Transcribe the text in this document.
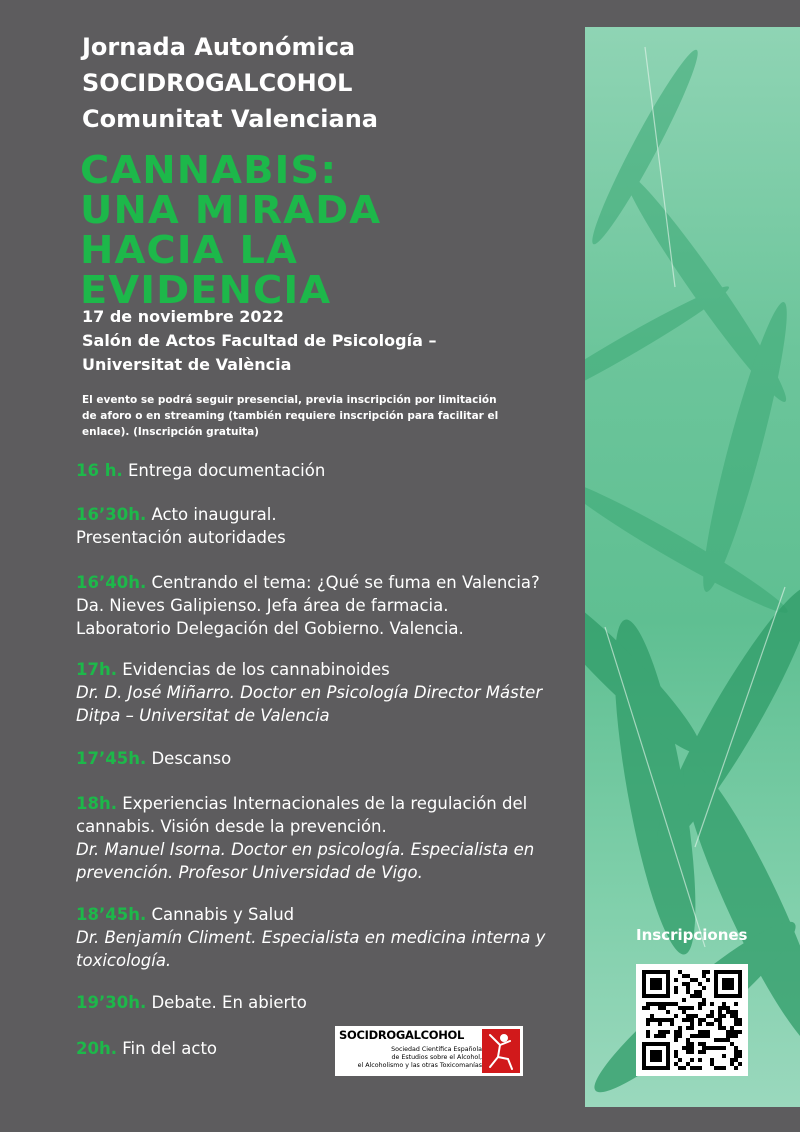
Jornada Autonómica
SOCIDROGALCOHOL
Comunitat Valenciana
CANNABIS:
UNA MIRADA
HACIA LA
EVIDENCIA
17 de noviembre 2022
Salón de Actos Facultad de Psicología –
Universitat de València
El evento se podrá seguir presencial, previa inscripción por limitación
de aforo o en streaming (también requiere inscripción para facilitar el
enlace). (Inscripción gratuita)
16 h. Entrega documentación
16’30h. Acto inaugural.
Presentación autoridades
16’40h. Centrando el tema: ¿Qué se fuma en Valencia?
Da. Nieves Galipienso. Jefa área de farmacia.
Laboratorio Delegación del Gobierno. Valencia.
17h. Evidencias de los cannabinoides
Dr. D. José Miñarro. Doctor en Psicología Director Máster
Ditpa – Universitat de Valencia
17’45h. Descanso
18h. Experiencias Internacionales de la regulación del
cannabis. Visión desde la prevención.
Dr. Manuel Isorna. Doctor en psicología. Especialista en
prevención. Profesor Universidad de Vigo.
18’45h. Cannabis y Salud
Dr. Benjamín Climent. Especialista en medicina interna y
toxicología.
19’30h. Debate. En abierto
20h. Fin del acto
Inscripciones
SOCIDROGALCOHOL
Sociedad Científica Española
de Estudios sobre el Alcohol,
el Alcoholismo y las otras Toxicomanías
